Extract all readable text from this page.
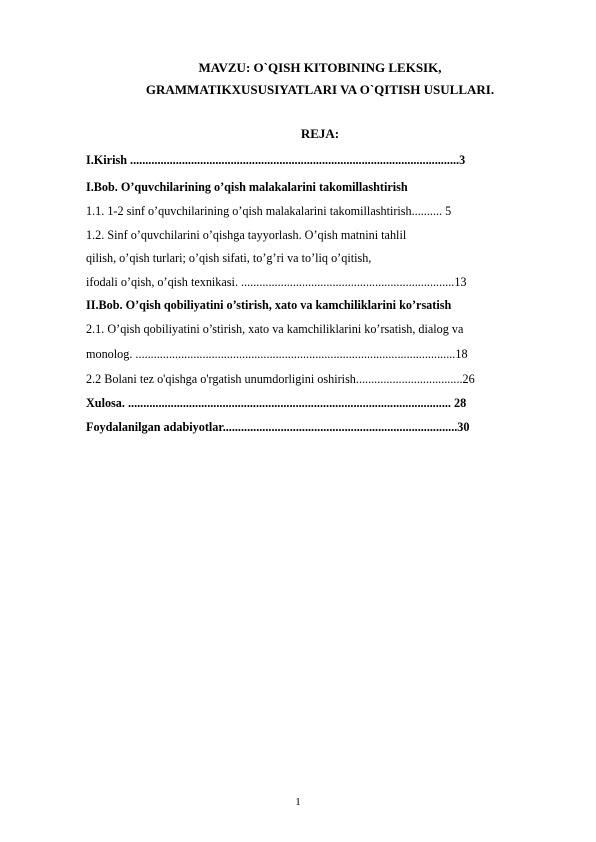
MAVZU: O`QISH KITOBINING LEKSIK,
GRAMMATIKXUSUSIYATLARI VA O`QITISH USULLARI.
REJA:
I.Kirish ............................................................................................................3
I.Bob. O’quvchilarining o’qish malakalarini takomillashtirish
1.1. 1-2 sinf o’quvchilarining o’qish malakalarini takomillashtirish.......... 5
1.2. Sinf o’quvchilarini o’qishga tayyorlash. O’qish matnini tahlil
qilish, o’qish turlari; o’qish sifati, to’g’ri va to’liq o’qitish,
ifodali o’qish, o’qish texnikasi. ......................................................................13
II.Bob. O’qish qobiliyatini o’stirish, xato va kamchiliklarini ko’rsatish
2.1. O’qish qobiliyatini o’stirish, xato va kamchiliklarini ko’rsatish, dialog va
monolog. .........................................................................................................18
2.2 Bolani tez o'qishga o'rgatish unumdorligini oshirish...................................26
Xulosa. .......................................................................................................... 28
Foydalanilgan adabiyotlar.............................................................................30
1
